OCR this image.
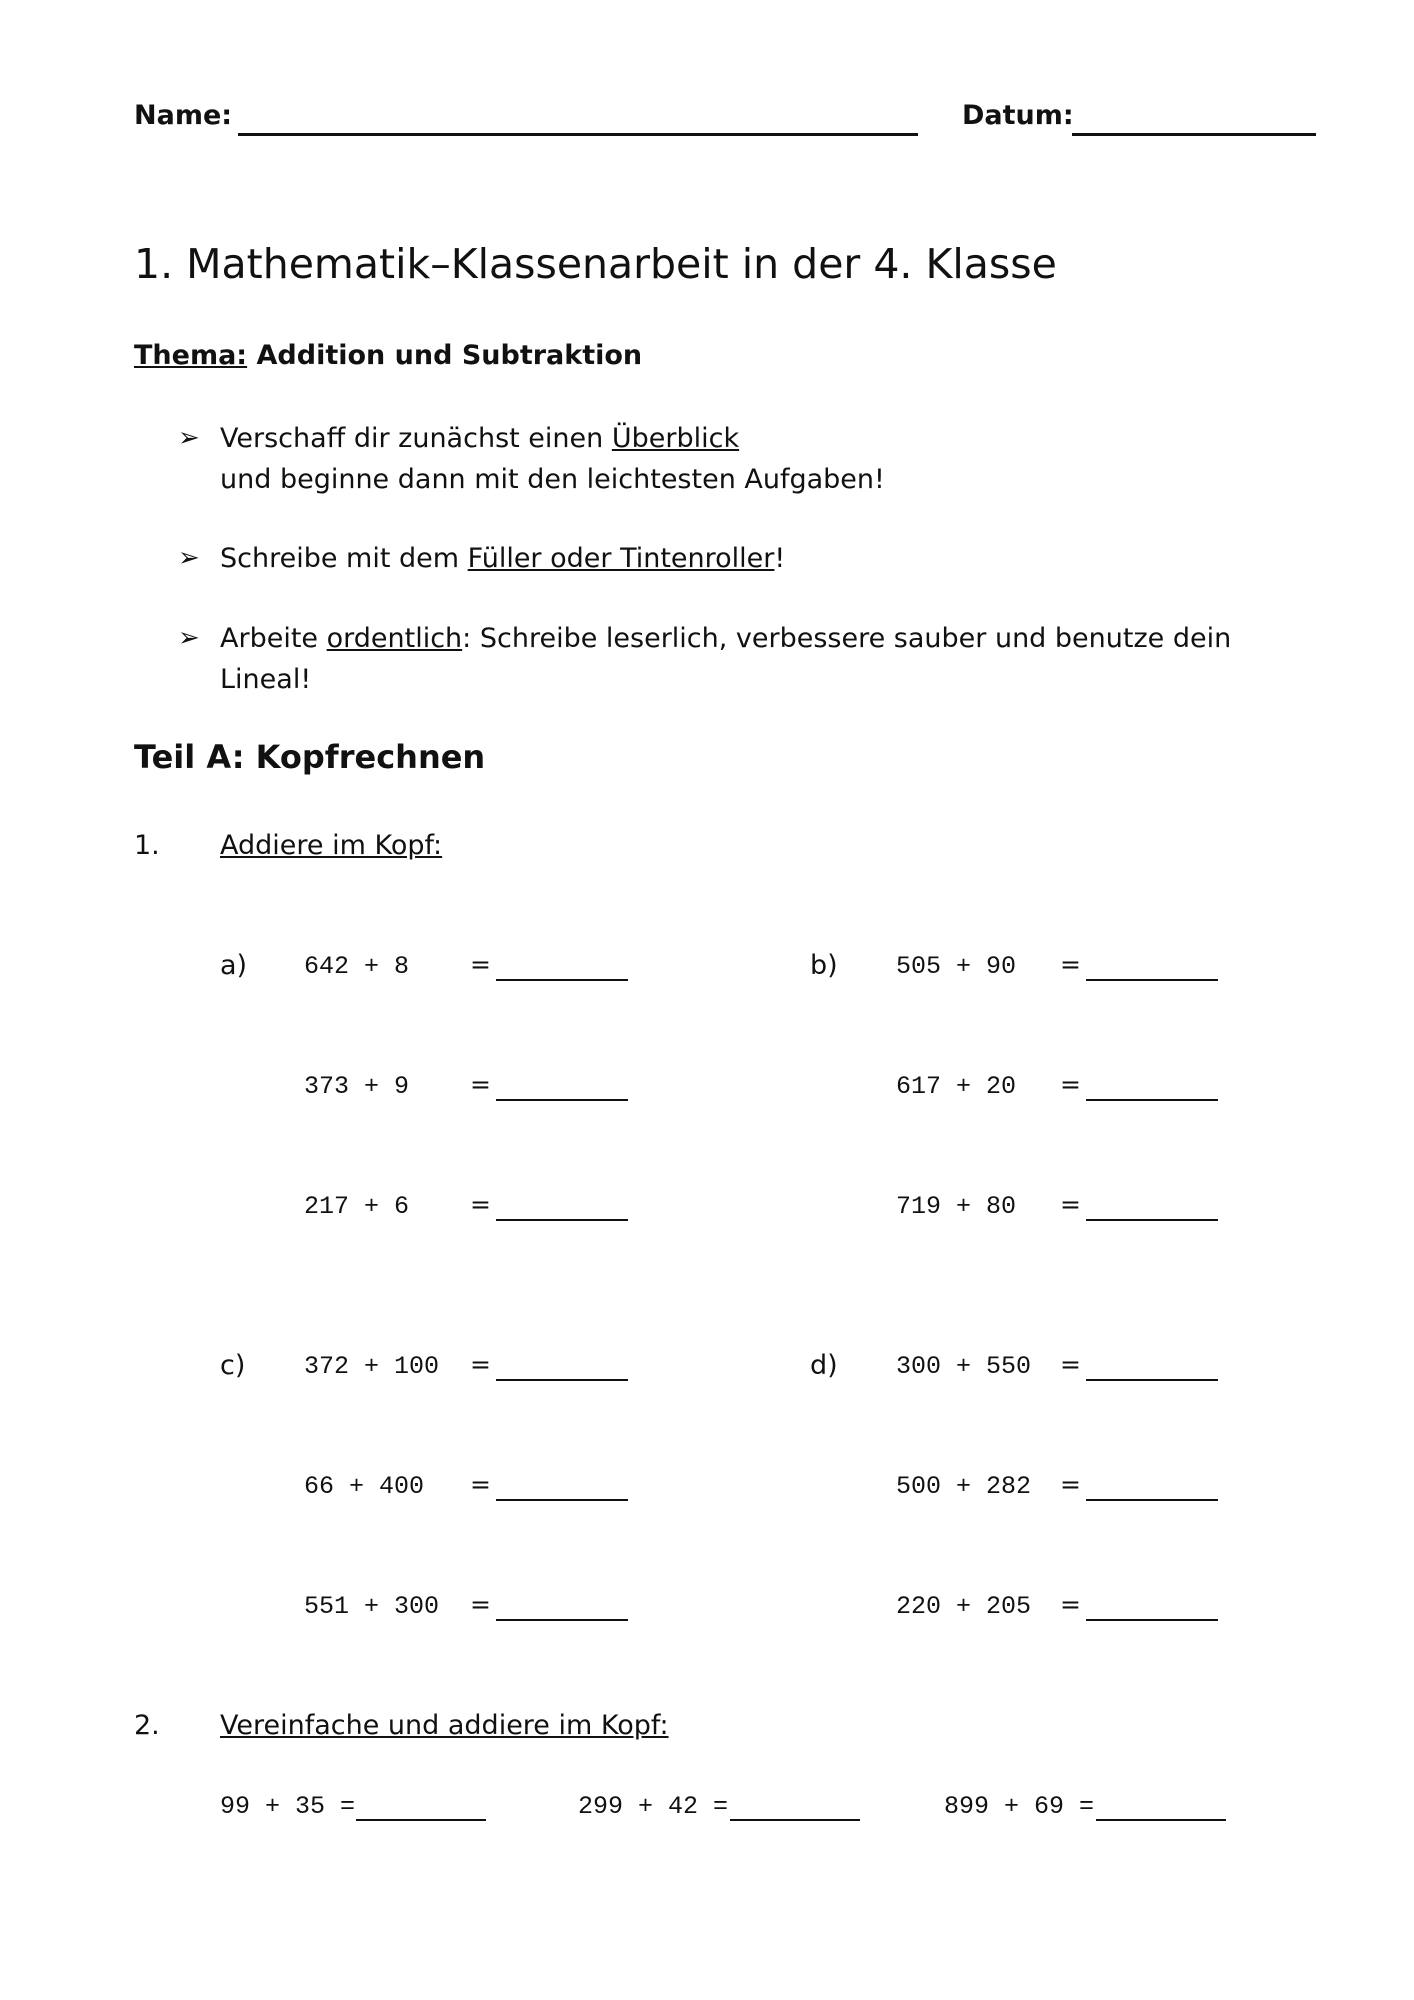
Name:	Datum:
1. Mathematik–Klassenarbeit in der 4. Klasse
Thema: Addition und Subtraktion
➢ Verschaff dir zunächst einen Überblick
und beginne dann mit den leichtesten Aufgaben!
➢ Schreibe mit dem Füller oder Tintenroller!
➢ Arbeite ordentlich: Schreibe leserlich, verbessere sauber und benutze dein Lineal!
Teil A: Kopfrechnen
1. Addiere im Kopf:
a) 642 + 8 =
373 + 9 =
217 + 6 =
b) 505 + 90 =
617 + 20 =
719 + 80 =
c) 372 + 100 =
66 + 400 =
551 + 300 =
d) 300 + 550 =
500 + 282 =
220 + 205 =
2. Vereinfache und addiere im Kopf:
99 + 35 =	299 + 42 =	899 + 69 =
